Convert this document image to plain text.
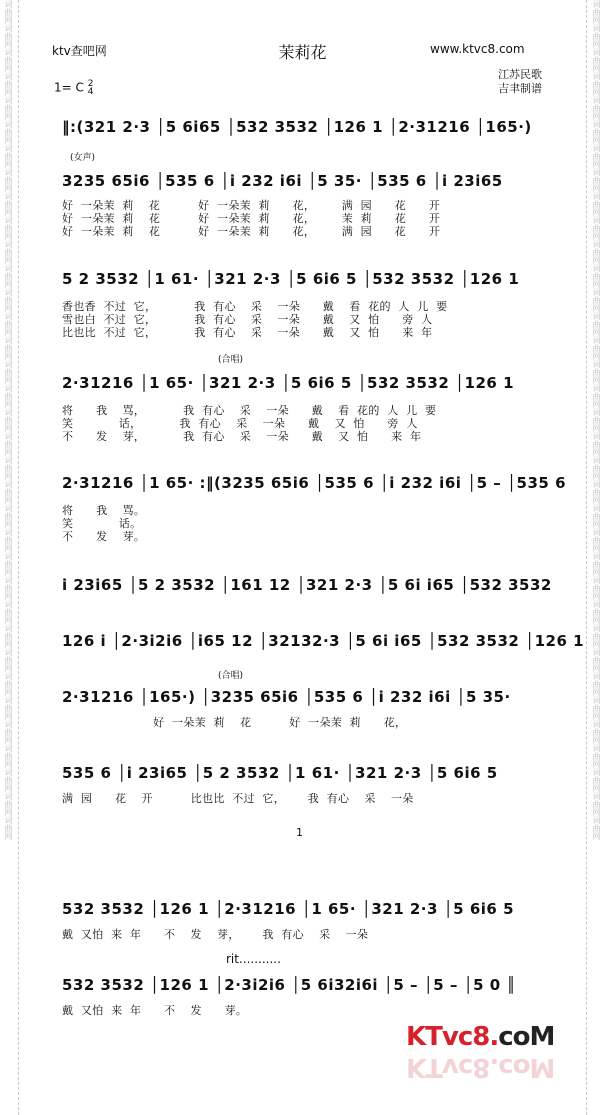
词曲网词曲网词曲网词曲网词曲网词曲网词曲网词曲网词曲网词曲网词曲网词曲网词曲网词曲网词曲网词曲网词曲网词曲网词曲网词曲网词曲网词曲网词曲网词曲网词曲网词曲网词曲网词曲网词曲网词曲网词曲网词曲网词曲网词曲网词曲网	词曲网词曲网词曲网词曲网词曲网词曲网词曲网词曲网词曲网词曲网词曲网词曲网词曲网词曲网词曲网词曲网词曲网词曲网词曲网词曲网词曲网词曲网词曲网词曲网词曲网词曲网词曲网词曲网词曲网词曲网词曲网词曲网词曲网词曲网词曲网
ktv查吧网	茉莉花	www.ktvc8.com
江苏民歌
吉聿制谱
1= C 2
4
‖:(321 2·3 │5 6i65 │532 3532 │126 1 │2·31216 │165·)
(女声)
3235 65i6 │535 6 │i 232 i6i │5 35· │535 6 │i 23i65
好  一朵茉  莉    花          好  一朵茉  莉      花，       满  园      花      开
好  一朵茉  莉    花          好  一朵茉  莉      花，       茉  莉      花      开
好  一朵茉  莉    花          好  一朵茉  莉      花，       满  园      花      开
5 2 3532 │1 61· │321 2·3 │5 6i6 5 │532 3532 │126 1
香也香  不过  它，          我  有心    采    一朵      戴    看  花的  人  儿  要
雪也白  不过  它，          我  有心    采    一朵      戴    又  怕      旁  人
比也比  不过  它，          我  有心    采    一朵      戴    又  怕      来  年
(合唱)
2·31216 │1 65· │321 2·3 │5 6i6 5 │532 3532 │126 1
将      我    骂，          我  有心    采    一朵      戴    看  花的  人  儿  要
笑            话，          我  有心    采    一朵      戴    又  怕      旁  人
不      发    芽，          我  有心    采    一朵      戴    又  怕      来  年
2·31216 │1 65· :‖(3235 65i6 │535 6 │i 232 i6i │5 – │535 6
将      我    骂。
笑            话。
不      发    芽。
i 23i65 │5 2 3532 │161 12 │321 2·3 │5 6i i65 │532 3532
126 i │2·3i2i6 │i65 12 │32132·3 │5 6i i65 │532 3532 │126 1
(合唱)
2·31216 │165·) │3235 65i6 │535 6 │i 232 i6i │5 35·
好  一朵茉  莉    花          好  一朵茉  莉      花，
535 6 │i 23i65 │5 2 3532 │1 61· │321 2·3 │5 6i6 5
满  园      花    开          比也比  不过  它，      我  有心    采    一朵
1
532 3532 │126 1 │2·31216 │1 65· │321 2·3 │5 6i6 5
戴  又怕  来  年      不    发    芽，      我  有心    采    一朵
rit...........
532 3532 │126 1 │2·3i2i6 │5 6i32i6i │5 – │5 – │5 0 ║
戴  又怕  来  年      不    发      芽。
KTvc8.coM
KTvc8.coM
